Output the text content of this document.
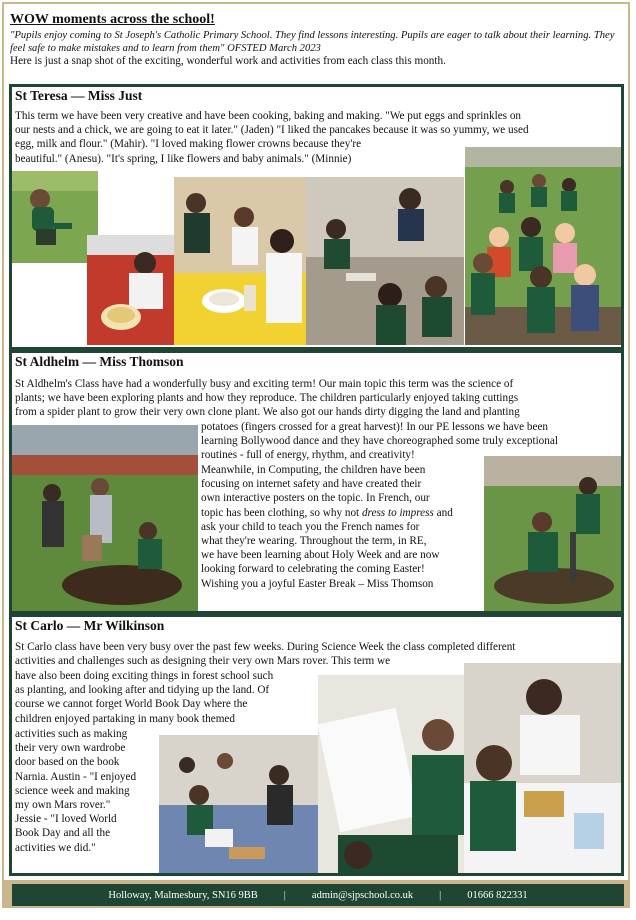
WOW moments across the school!
"Pupils enjoy coming to St Joseph's Catholic Primary School. They find lessons interesting. Pupils are eager to talk about their learning. They feel safe to make mistakes and to learn from them" OFSTED March 2023
Here is just a snap shot of the exciting, wonderful work and activities from each class this month.
St Teresa — Miss Just

This term we have been very creative and have been cooking, baking and making. "We put eggs and sprinkles on

our nests and a chick, we are going to eat it later." (Jaden) "I liked the pancakes because it was so yummy, we used

egg, milk and flour." (Mahir). "I loved making flower crowns because they're

beautiful." (Anesu). "It's spring, I like flowers and baby animals." (Minnie)

St Aldhelm — Miss Thomson

St Aldhelm's Class have had a wonderfully busy and exciting term! Our main topic this term was the science of

plants; we have been exploring plants and how they reproduce. The children particularly enjoyed taking cuttings

from a spider plant to grow their very own clone plant. We also got our hands dirty digging the land and planting

potatoes (fingers crossed for a great harvest)! In our PE lessons we have been

learning Bollywood dance and they have choreographed some truly exceptional

routines - full of energy, rhythm, and creativity!

Meanwhile, in Computing, the children have been

focusing on internet safety and have created their

own interactive posters on the topic. In French, our

topic has been clothing, so why not dress to impress and

ask your child to teach you the French names for

what they're wearing. Throughout the term, in RE,

we have been learning about Holy Week and are now

looking forward to celebrating the coming Easter!

Wishing you a joyful Easter Break – Miss Thomson

St Carlo — Mr Wilkinson

St Carlo class have been very busy over the past few weeks. During Science Week the class completed different

activities and challenges such as designing their very own Mars rover. This term we

have also been doing exciting things in forest school such

as planting, and looking after and tidying up the land. Of

course we cannot forget World Book Day where the

children enjoyed partaking in many book themed

activities such as making

their very own wardrobe

door based on the book

Narnia. Austin - "I enjoyed

science week and making

my own Mars rover."

Jessie - "I loved World

Book Day and all the

activities we did."

Holloway, Malmesbury, SN16 9BB | admin@sjpschool.co.uk | 01666 822331
